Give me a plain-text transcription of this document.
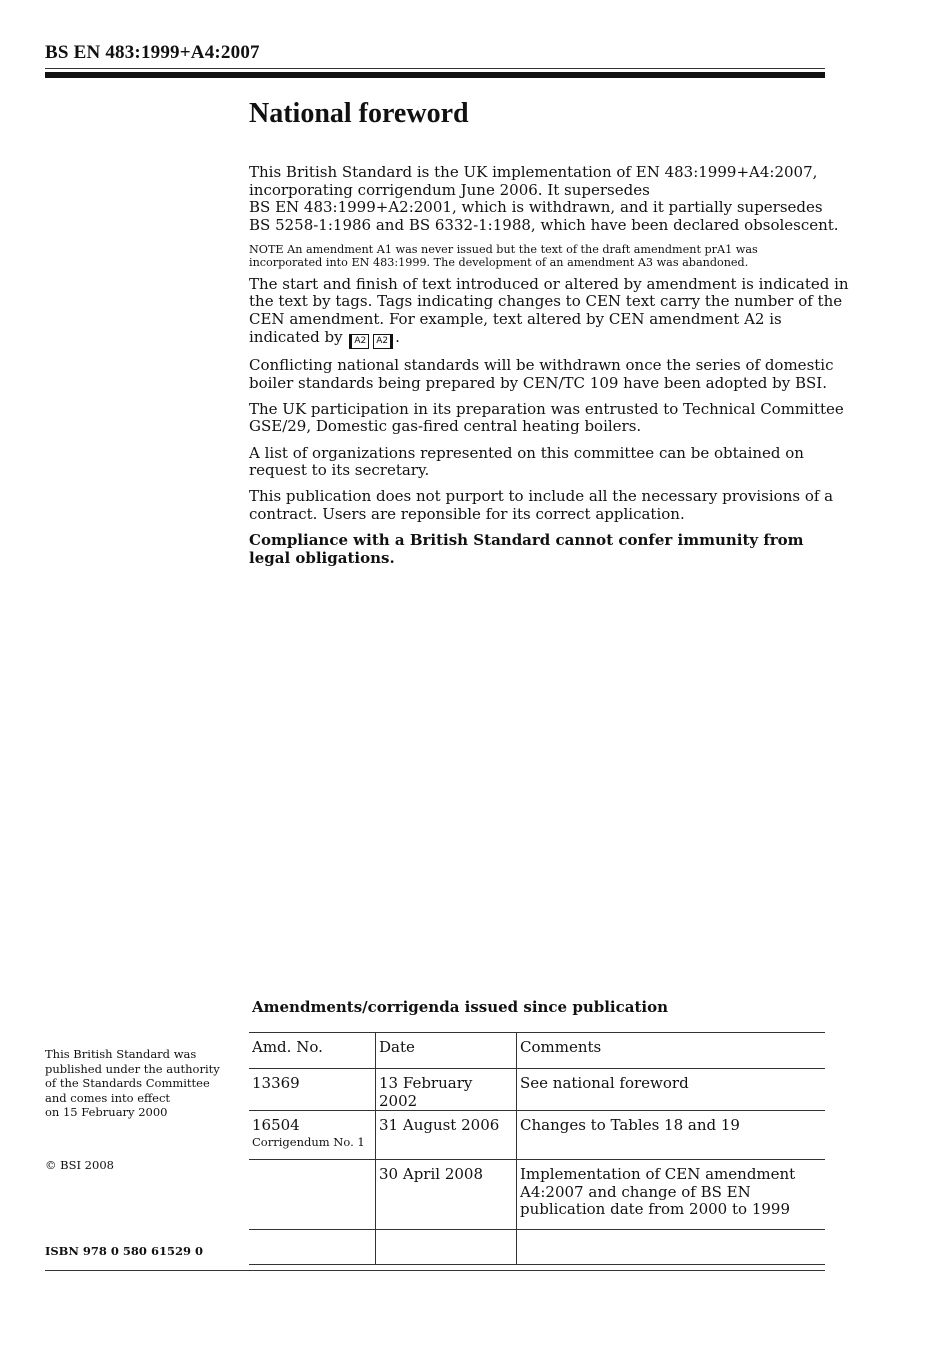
BS EN 483:1999+A4:2007
National foreword

This British Standard is the UK implementation of EN 483:1999+A4:2007,
incorporating corrigendum June 2006. It supersedes
BS EN 483:1999+A2:2001, which is withdrawn, and it partially supersedes
BS 5258-1:1986 and BS 6332-1:1988, which have been declared obsolescent.

NOTE An amendment A1 was never issued but the text of the draft amendment prA1 was
incorporated into EN 483:1999. The development of an amendment A3 was abandoned.

The start and finish of text introduced or altered by amendment is indicated in
the text by tags. Tags indicating changes to CEN text carry the number of the
CEN amendment. For example, text altered by CEN amendment A2 is
indicated by A2 A2 .

Conflicting national standards will be withdrawn once the series of domestic
boiler standards being prepared by CEN/TC 109 have been adopted by BSI.

The UK participation in its preparation was entrusted to Technical Committee
GSE/29, Domestic gas-fired central heating boilers.

A list of organizations represented on this committee can be obtained on
request to its secretary.

This publication does not purport to include all the necessary provisions of a
contract. Users are reponsible for its correct application.

Compliance with a British Standard cannot confer immunity from
legal obligations.

Amendments/corrigenda issued since publication
Amd. No.	Date	Comments
13369	13 February 2002	See national foreword
16504
Corrigendum No. 1	31 August 2006	Changes to Tables 18 and 19
	30 April 2008	Implementation of CEN amendment
A4:2007 and change of BS EN
publication date from 2000 to 1999

This British Standard was
published under the authority
of the Standards Committee
and comes into effect
on 15 February 2000
© BSI 2008
ISBN 978 0 580 61529 0
